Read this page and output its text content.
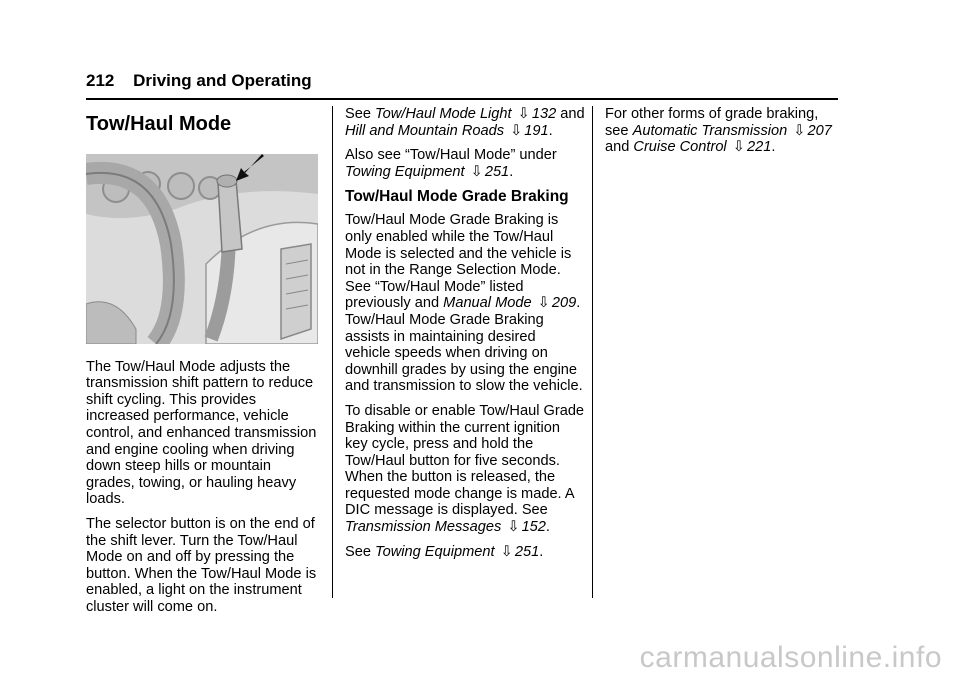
212 Driving and Operating
Tow/Haul Mode

The Tow/Haul Mode adjusts the transmission shift pattern to reduce shift cycling. This provides increased performance, vehicle control, and enhanced transmission and engine cooling when driving down steep hills or mountain grades, towing, or hauling heavy loads.

The selector button is on the end of the shift lever. Turn the Tow/Haul Mode on and off by pressing the button. When the Tow/Haul Mode is enabled, a light on the instrument cluster will come on.

See Tow/Haul Mode Light ⇩ 132 and Hill and Mountain Roads ⇩ 191.

Also see “Tow/Haul Mode” under Towing Equipment ⇩ 251.

Tow/Haul Mode Grade Braking

Tow/Haul Mode Grade Braking is only enabled while the Tow/Haul Mode is selected and the vehicle is not in the Range Selection Mode. See “Tow/Haul Mode” listed previously and Manual Mode ⇩ 209. Tow/Haul Mode Grade Braking assists in maintaining desired vehicle speeds when driving on downhill grades by using the engine and transmission to slow the vehicle.

To disable or enable Tow/Haul Grade Braking within the current ignition key cycle, press and hold the Tow/Haul button for five seconds. When the button is released, the requested mode change is made. A DIC message is displayed. See Transmission Messages ⇩ 152.

See Towing Equipment ⇩ 251.

For other forms of grade braking, see Automatic Transmission ⇩ 207 and Cruise Control ⇩ 221.

carmanualsonline.info
